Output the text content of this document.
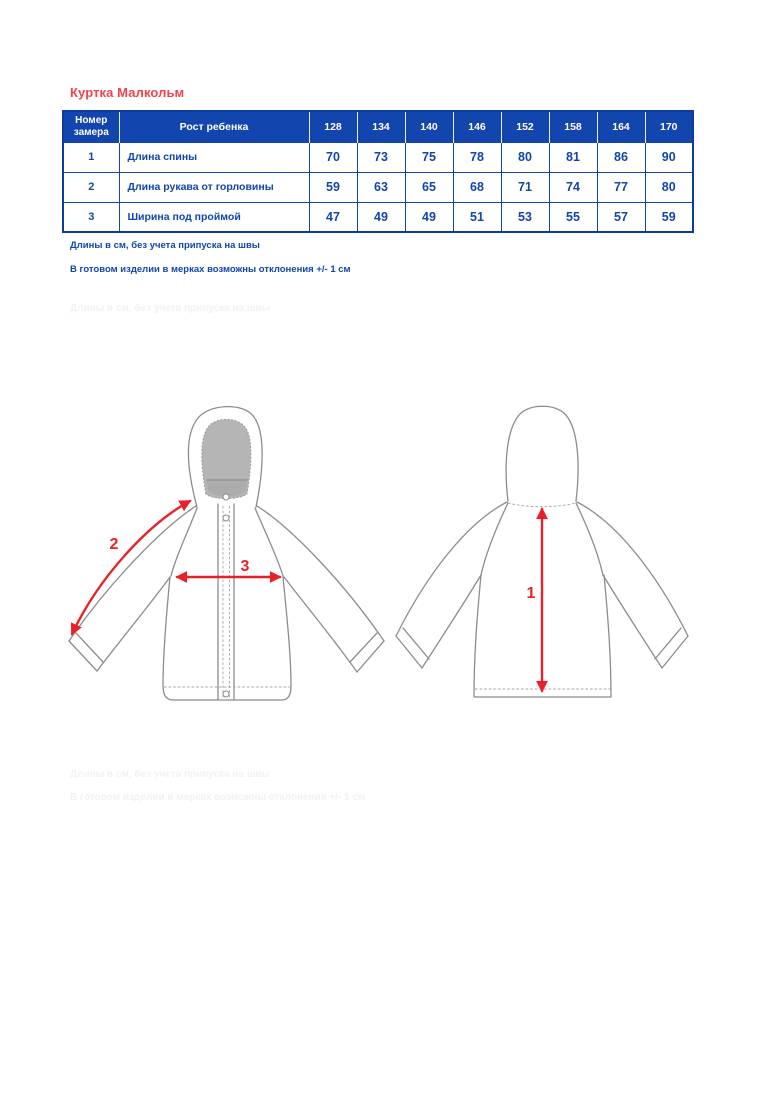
Куртка Малкольм
Номер замера	Рост ребенка	128	134	140	146	152	158	164	170
1	Длина спины	70	73	75	78	80	81	86	90
2	Длина рукава от горловины	59	63	65	68	71	74	77	80
3	Ширина под проймой	47	49	49	51	53	55	57	59
Длины в см, без учета припуска на швы
В готовом изделии в мерках возможны отклонения +/- 1 см
Длины в см, без учета припуска на швы
2
3
1
Длины в см, без учета припуска на швы
В готовом изделии в мерках возможны отклонения +/- 1 см
